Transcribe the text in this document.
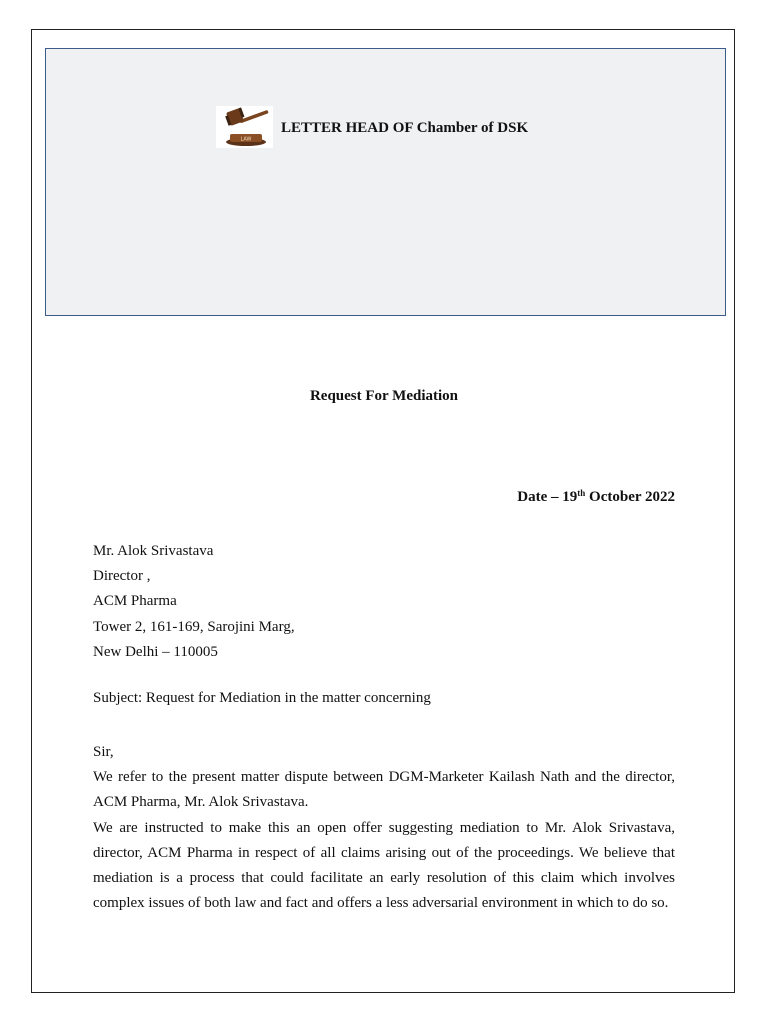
LAW
LETTER HEAD OF Chamber of DSK
Request For Mediation
Date – 19th October 2022
Mr. Alok Srivastava
Director ,
ACM Pharma
Tower 2, 161-169, Sarojini Marg,
New Delhi – 110005
Subject: Request for Mediation in the matter concerning

Sir,

We refer to the present matter dispute between DGM-Marketer Kailash Nath and the director, ACM Pharma, Mr. Alok Srivastava.

We are instructed to make this an open offer suggesting mediation to Mr. Alok Srivastava, director, ACM Pharma in respect of all claims arising out of the proceedings. We believe that mediation is a process that could facilitate an early resolution of this claim which involves complex issues of both law and fact and offers a less adversarial environment in which to do so.
